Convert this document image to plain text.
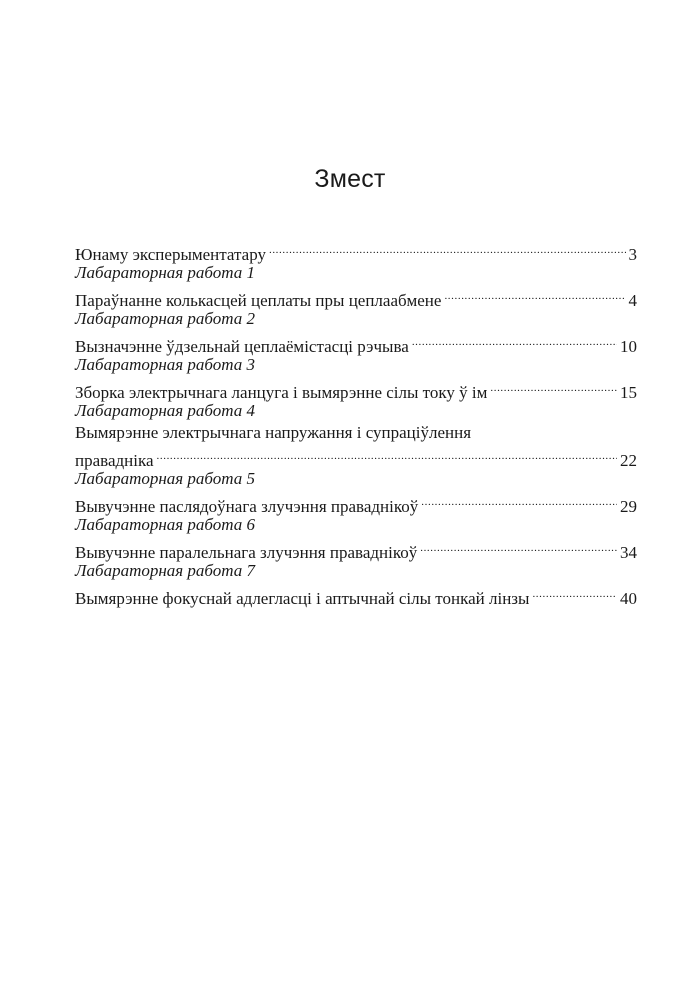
Змест
Юнаму эксперыментатару .....	3
Лабараторная работа 1
Параўнанне колькасцей цеплаты пры цеплаабмене .....	4
Лабараторная работа 2
Вызначэнне ўдзельнай цеплаёмістасці рэчыва .....	10
Лабараторная работа 3
Зборка электрычнага ланцуга і вымярэнне сілы току ў ім .....	15
Лабараторная работа 4
Вымярэнне электрычнага напружання і супраціўлення
праваднiка .....	22
Лабараторная работа 5
Вывучэнне паслядоўнага злучэння праваднікоў .....	29
Лабараторная работа 6
Вывучэнне паралельнага злучэння праваднікоў .....	34
Лабараторная работа 7
Вымярэнне фокуснай адлегласці і аптычнай сілы тонкай лінзы .....	40
